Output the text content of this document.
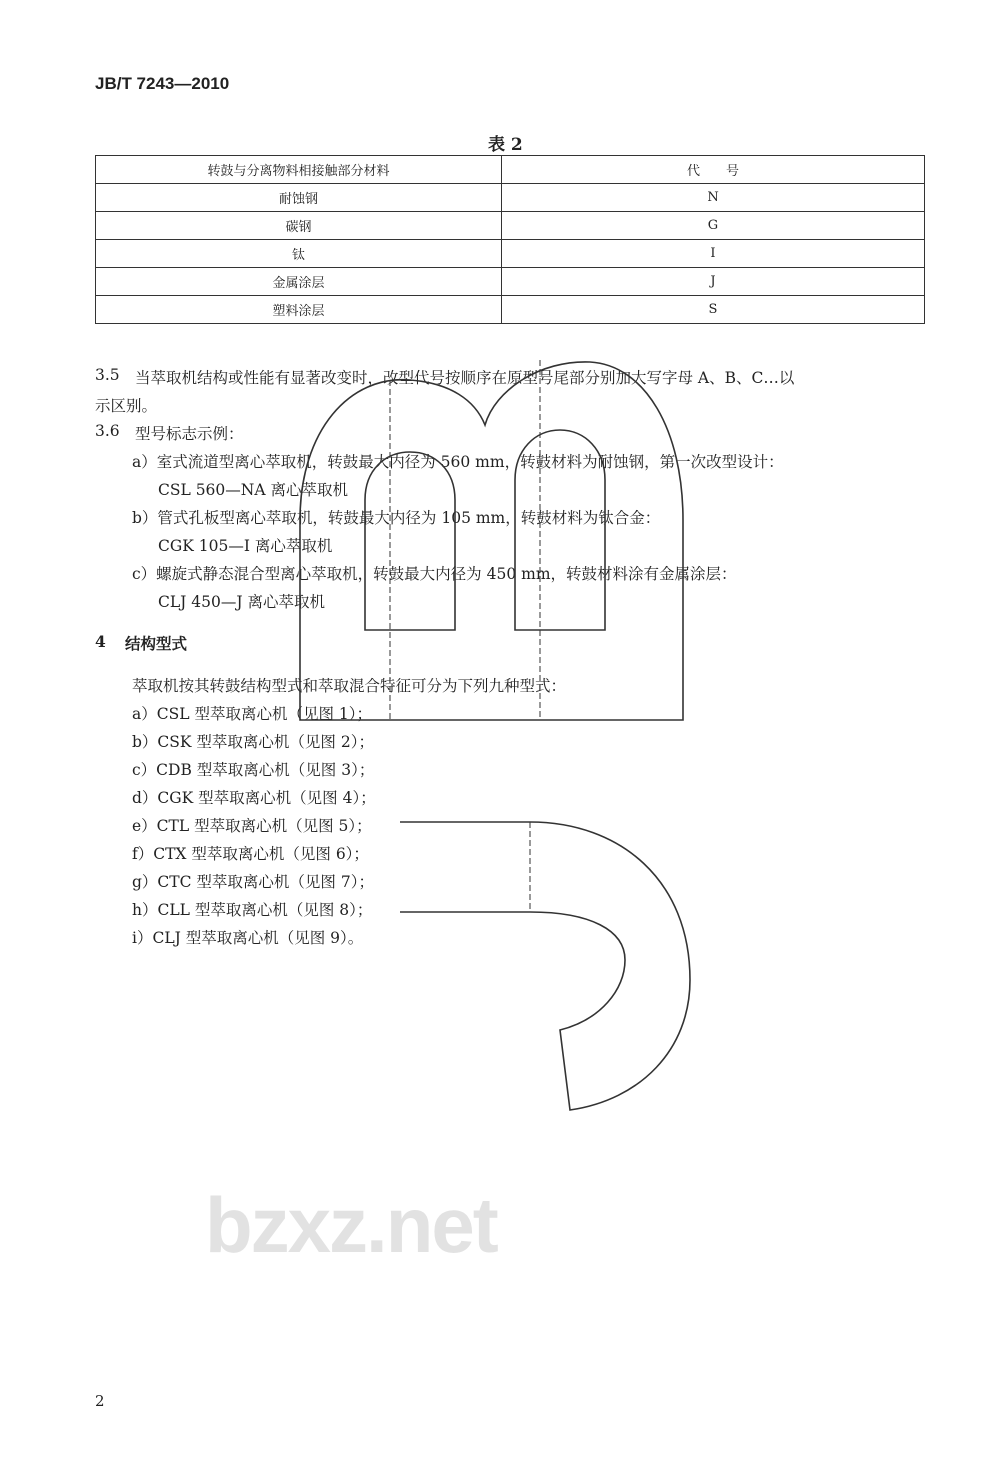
bzxz.net
JB/T 7243—2010
表 2
转鼓与分离物料相接触部分材料	代　　号
耐蚀钢	N
碳钢	G
钛	I
金属涂层	J
塑料涂层	S
3.5 当萃取机结构或性能有显著改变时，改型代号按顺序在原型号尾部分别加大写字母 A、B、C…以
示区别。
3.6 型号标志示例：
a）室式流道型离心萃取机，转鼓最大内径为 560 mm，转鼓材料为耐蚀钢，第一次改型设计：
CSL 560—NA 离心萃取机
b）管式孔板型离心萃取机，转鼓最大内径为 105 mm，转鼓材料为钛合金：
CGK 105—I 离心萃取机
c）螺旋式静态混合型离心萃取机，转鼓最大内径为 450 mm，转鼓材料涂有金属涂层：
CLJ 450—J 离心萃取机
4 结构型式
萃取机按其转鼓结构型式和萃取混合特征可分为下列九种型式：
a）CSL 型萃取离心机（见图 1）；
b）CSK 型萃取离心机（见图 2）；
c）CDB 型萃取离心机（见图 3）；
d）CGK 型萃取离心机（见图 4）；
e）CTL 型萃取离心机（见图 5）；
f）CTX 型萃取离心机（见图 6）；
g）CTC 型萃取离心机（见图 7）；
h）CLL 型萃取离心机（见图 8）；
i）CLJ 型萃取离心机（见图 9）。
2
